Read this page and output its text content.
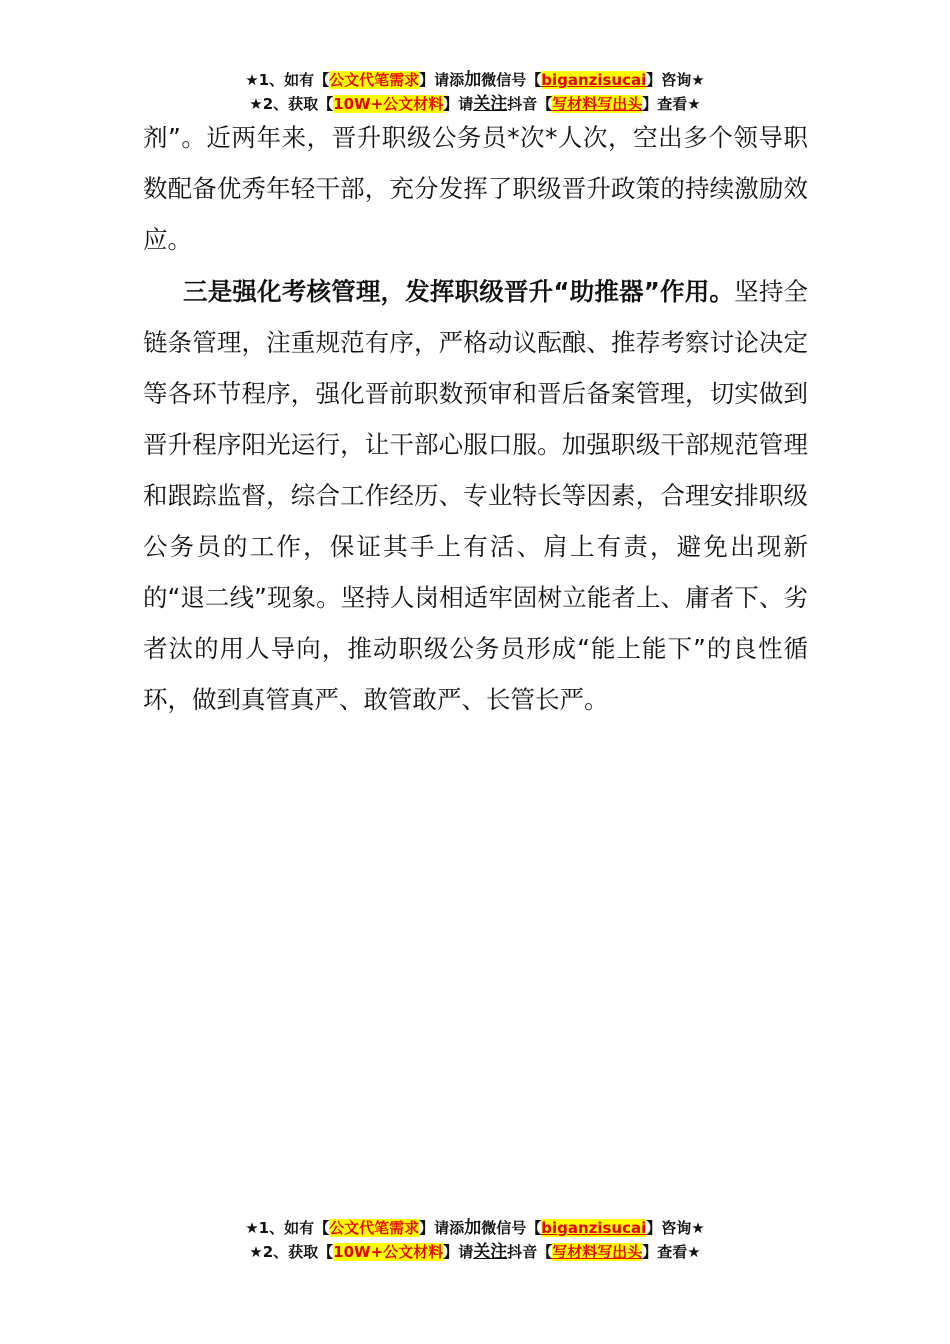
★1、如有【公文代笔需求】请添加微信号【biganzisucai】咨询★
★2、获取【10W+公文材料】请关注抖音【写材料写出头】查看★

剂”。近两年来，晋升职级公务员*次*人次，空出多个领导职数配备优秀年轻干部，充分发挥了职级晋升政策的持续激励效应。

三是强化考核管理，发挥职级晋升“助推器”作用。坚持全链条管理，注重规范有序，严格动议酝酿、推荐考察讨论决定等各环节程序，强化晋前职数预审和晋后备案管理，切实做到晋升程序阳光运行，让干部心服口服。加强职级干部规范管理和跟踪监督，综合工作经历、专业特长等因素，合理安排职级公务员的工作，保证其手上有活、肩上有责，避免出现新的“退二线”现象。坚持人岗相适牢固树立能者上、庸者下、劣者汰的用人导向，推动职级公务员形成“能上能下”的良性循环，做到真管真严、敢管敢严、长管长严。

★1、如有【公文代笔需求】请添加微信号【biganzisucai】咨询★
★2、获取【10W+公文材料】请关注抖音【写材料写出头】查看★
